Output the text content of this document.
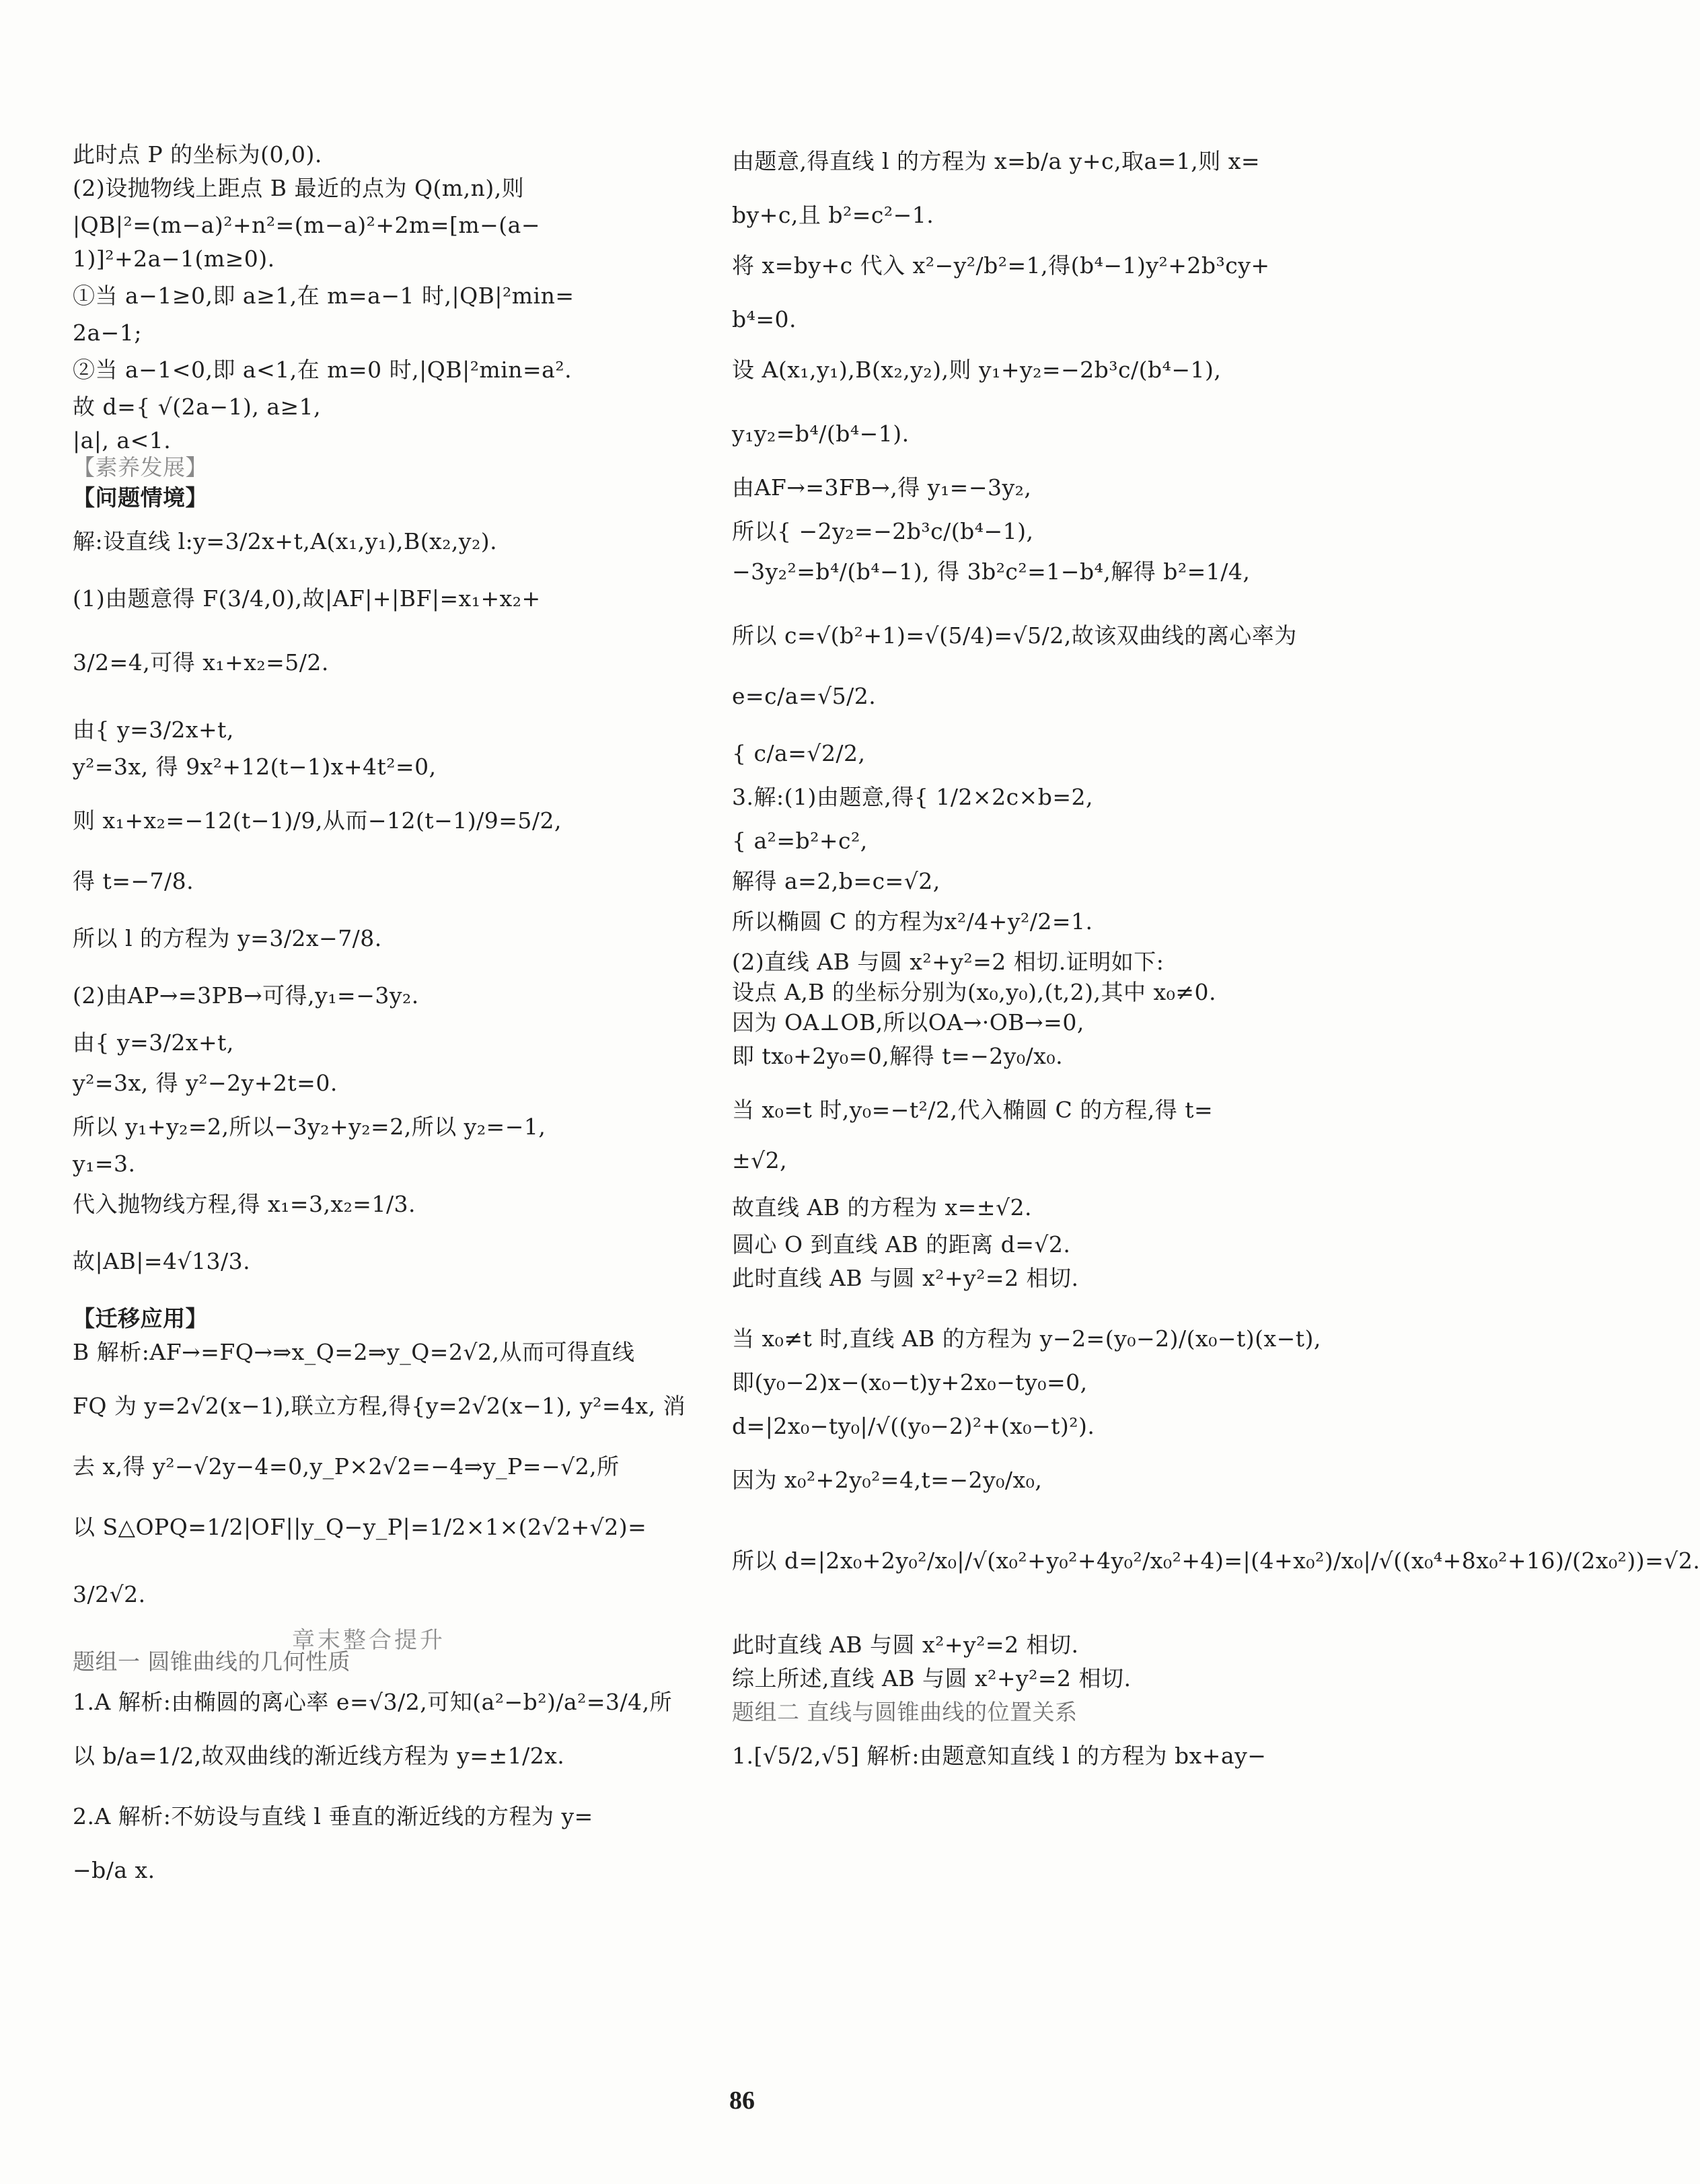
此时点 P 的坐标为(0,0).
(2)设抛物线上距点 B 最近的点为 Q(m,n),则
|QB|²=(m−a)²+n²=(m−a)²+2m=[m−(a−
1)]²+2a−1(m≥0).
①当 a−1≥0,即 a≥1,在 m=a−1 时,|QB|²min=
2a−1;
②当 a−1<0,即 a<1,在 m=0 时,|QB|²min=a².
故 d={ √(2a−1), a≥1,
|a|, a<1.
【素养发展】
【问题情境】
解:设直线 l:y=3/2x+t,A(x₁,y₁),B(x₂,y₂).
(1)由题意得 F(3/4,0),故|AF|+|BF|=x₁+x₂+
3/2=4,可得 x₁+x₂=5/2.
由{ y=3/2x+t,
y²=3x, 得 9x²+12(t−1)x+4t²=0,
则 x₁+x₂=−12(t−1)/9,从而−12(t−1)/9=5/2,
得 t=−7/8.
所以 l 的方程为 y=3/2x−7/8.
(2)由AP→=3PB→可得,y₁=−3y₂.
由{ y=3/2x+t,
y²=3x, 得 y²−2y+2t=0.
所以 y₁+y₂=2,所以−3y₂+y₂=2,所以 y₂=−1,
y₁=3.
代入抛物线方程,得 x₁=3,x₂=1/3.
故|AB|=4√13/3.
【迁移应用】
B 解析:AF→=FQ→⇒x_Q=2⇒y_Q=2√2,从而可得直线
FQ 为 y=2√2(x−1),联立方程,得{y=2√2(x−1), y²=4x, 消
去 x,得 y²−√2y−4=0,y_P×2√2=−4⇒y_P=−√2,所
以 S△OPQ=1/2|OF||y_Q−y_P|=1/2×1×(2√2+√2)=
3/2√2.
章末整合提升
题组一 圆锥曲线的几何性质
1.A 解析:由椭圆的离心率 e=√3/2,可知(a²−b²)/a²=3/4,所
以 b/a=1/2,故双曲线的渐近线方程为 y=±1/2x.
2.A 解析:不妨设与直线 l 垂直的渐近线的方程为 y=
−b/a x.
由题意,得直线 l 的方程为 x=b/a y+c,取a=1,则 x=
by+c,且 b²=c²−1.
将 x=by+c 代入 x²−y²/b²=1,得(b⁴−1)y²+2b³cy+
b⁴=0.
设 A(x₁,y₁),B(x₂,y₂),则 y₁+y₂=−2b³c/(b⁴−1),
y₁y₂=b⁴/(b⁴−1).
由AF→=3FB→,得 y₁=−3y₂,
所以{ −2y₂=−2b³c/(b⁴−1),
−3y₂²=b⁴/(b⁴−1), 得 3b²c²=1−b⁴,解得 b²=1/4,
所以 c=√(b²+1)=√(5/4)=√5/2,故该双曲线的离心率为
e=c/a=√5/2.
{ c/a=√2/2,
3.解:(1)由题意,得{ 1/2×2c×b=2,
{ a²=b²+c²,
解得 a=2,b=c=√2,
所以椭圆 C 的方程为x²/4+y²/2=1.
(2)直线 AB 与圆 x²+y²=2 相切.证明如下:
设点 A,B 的坐标分别为(x₀,y₀),(t,2),其中 x₀≠0.
因为 OA⊥OB,所以OA→·OB→=0,
即 tx₀+2y₀=0,解得 t=−2y₀/x₀.
当 x₀=t 时,y₀=−t²/2,代入椭圆 C 的方程,得 t=
±√2,
故直线 AB 的方程为 x=±√2.
圆心 O 到直线 AB 的距离 d=√2.
此时直线 AB 与圆 x²+y²=2 相切.
当 x₀≠t 时,直线 AB 的方程为 y−2=(y₀−2)/(x₀−t)(x−t),
即(y₀−2)x−(x₀−t)y+2x₀−ty₀=0,
d=|2x₀−ty₀|/√((y₀−2)²+(x₀−t)²).
因为 x₀²+2y₀²=4,t=−2y₀/x₀,
所以 d=|2x₀+2y₀²/x₀|/√(x₀²+y₀²+4y₀²/x₀²+4)=|(4+x₀²)/x₀|/√((x₀⁴+8x₀²+16)/(2x₀²))=√2.
此时直线 AB 与圆 x²+y²=2 相切.
综上所述,直线 AB 与圆 x²+y²=2 相切.
题组二 直线与圆锥曲线的位置关系
1.[√5/2,√5] 解析:由题意知直线 l 的方程为 bx+ay−
86
